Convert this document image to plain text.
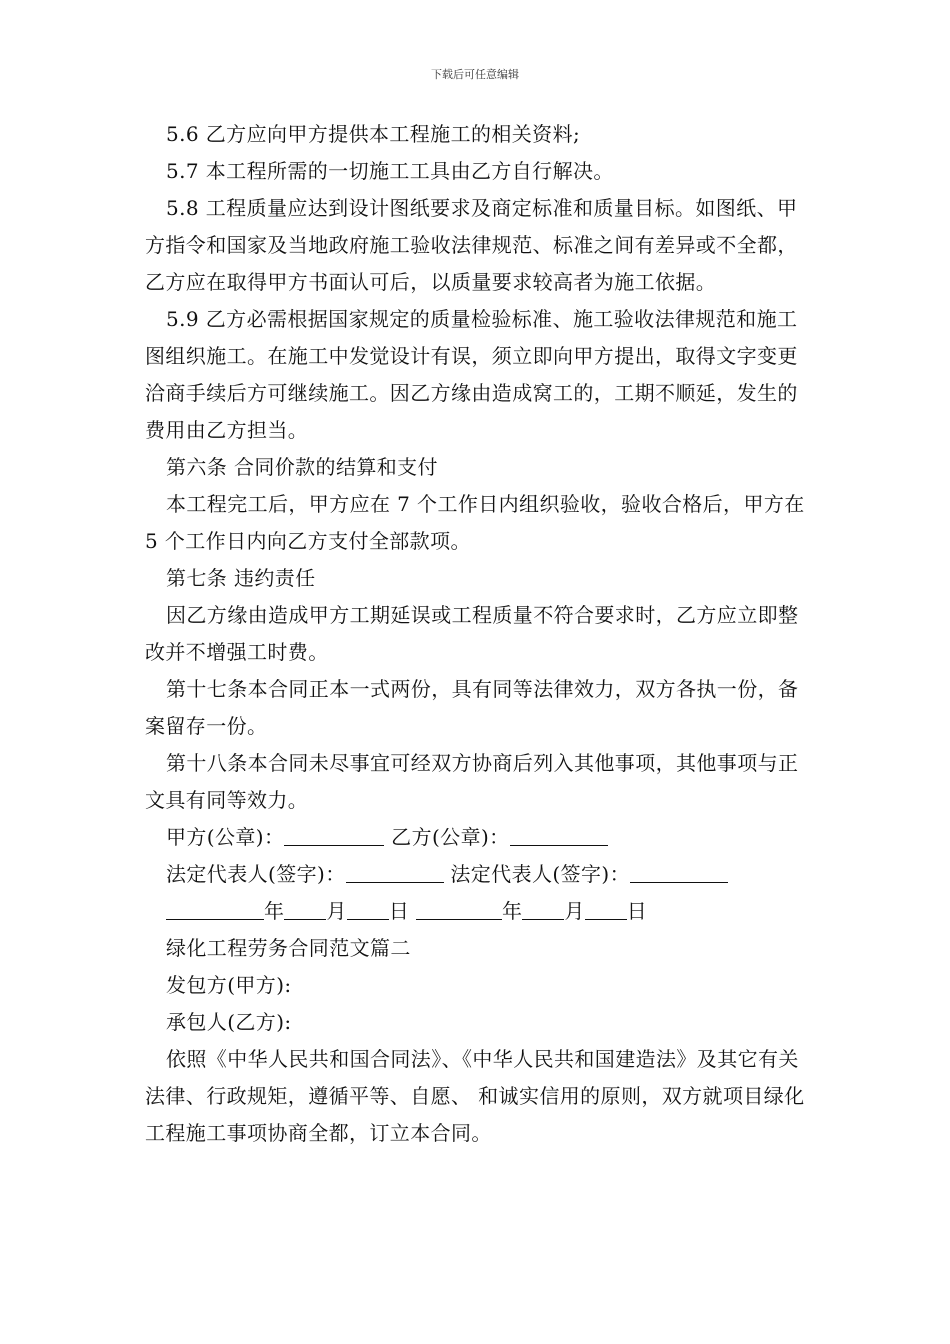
下载后可任意编辑

5.6 乙方应向甲方提供本工程施工的相关资料;

5.7 本工程所需的一切施工工具由乙方自行解决。

5.8 工程质量应达到设计图纸要求及商定标准和质量目标。如图纸、甲方指令和国家及当地政府施工验收法律规范、标准之间有差异或不全都，乙方应在取得甲方书面认可后，以质量要求较高者为施工依据。

5.9 乙方必需根据国家规定的质量检验标准、施工验收法律规范和施工图组织施工。在施工中发觉设计有误，须立即向甲方提出，取得文字变更洽商手续后方可继续施工。因乙方缘由造成窝工的，工期不顺延，发生的费用由乙方担当。

第六条 合同价款的结算和支付

本工程完工后，甲方应在 7 个工作日内组织验收，验收合格后，甲方在 5 个工作日内向乙方支付全部款项。

第七条 违约责任

因乙方缘由造成甲方工期延误或工程质量不符合要求时，乙方应立即整改并不增强工时费。

第十七条本合同正本一式两份，具有同等法律效力，双方各执一份，备案留存一份。

第十八条本合同未尽事宜可经双方协商后列入其他事项，其他事项与正文具有同等效力。

甲方(公章)：	乙方(公章)：

法定代表人(签字)：	法定代表人(签字)：

年 月 日	年 月 日

绿化工程劳务合同范文篇二

发包方(甲方):

承包人(乙方):

依照《中华人民共和国合同法》、《中华人民共和国建造法》及其它有关法律、行政规矩，遵循平等、自愿、 和诚实信用的原则，双方就项目绿化工程施工事项协商全都，订立本合同。
